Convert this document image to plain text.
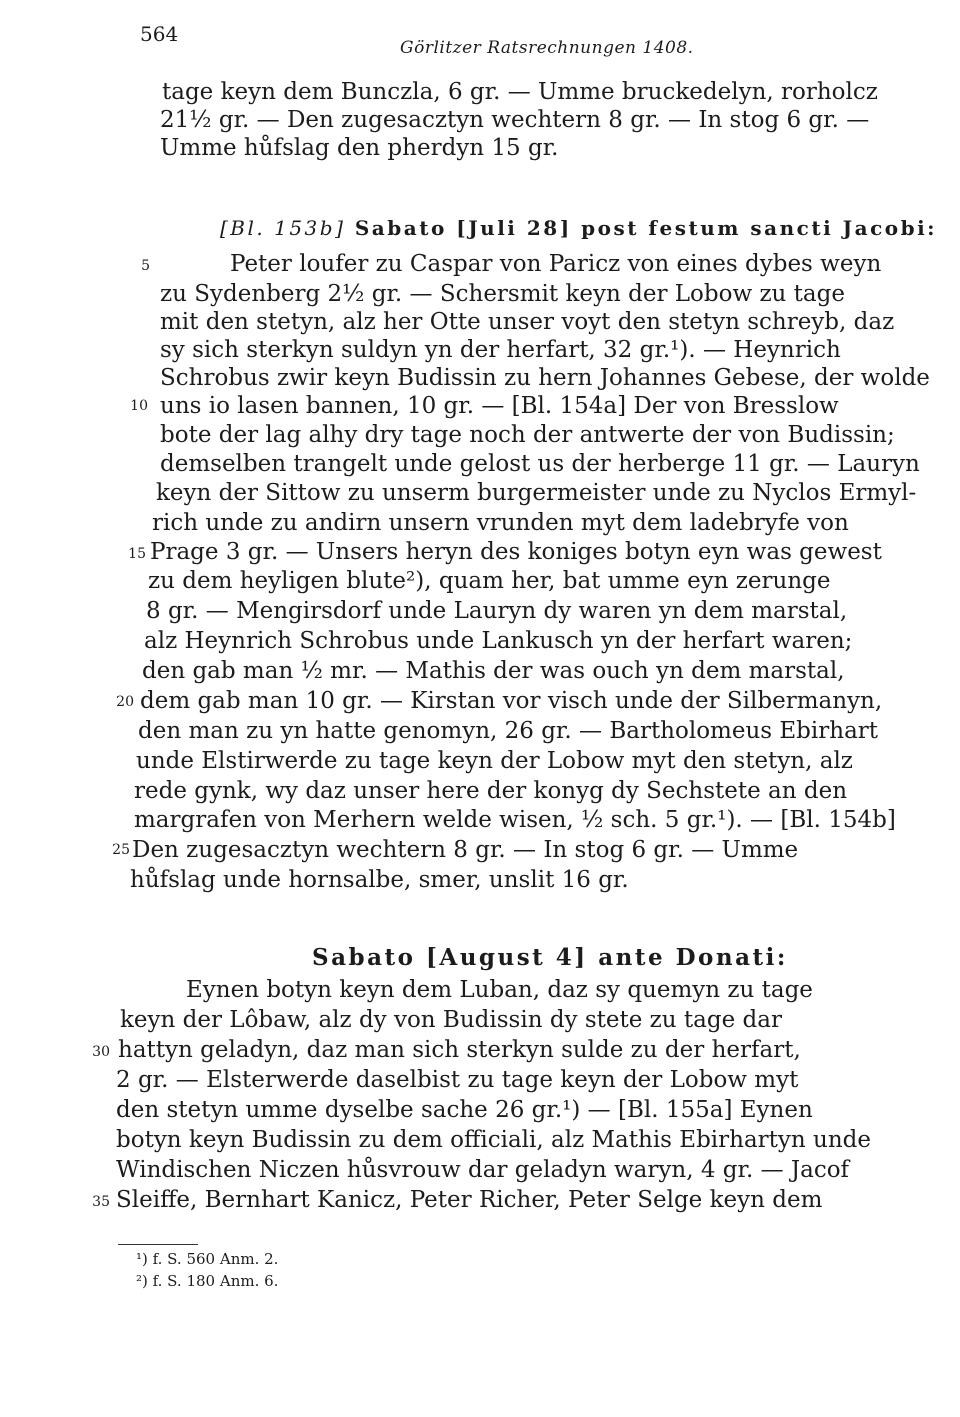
564
Görlitzer Ratsrechnungen 1408.
tage keyn dem Bunczla, 6 gr. — Umme bruckedelyn, rorholcz
21½ gr. — Den zugesacztyn wechtern 8 gr. — In stog 6 gr. —
Umme hůfslag den pherdyn 15 gr.
[Bl. 153b] Sabato [Juli 28] post festum sancti Jacobi:
5	Peter loufer zu Caspar von Paricz von eines dybes weyn
zu Sydenberg 2½ gr. — Schersmit keyn der Lobow zu tage
mit den stetyn, alz her Otte unser voyt den stetyn schreyb, daz
sy sich sterkyn suldyn yn der herfart, 32 gr.¹). — Heynrich
Schrobus zwir keyn Budissin zu hern Johannes Gebese, der wolde
10 uns io lasen bannen, 10 gr. — [Bl. 154a] Der von Bresslow
bote der lag alhy dry tage noch der antwerte der von Budissin;
demselben trangelt unde gelost us der herberge 11 gr. — Lauryn
keyn der Sittow zu unserm burgermeister unde zu Nyclos Ermyl-
rich unde zu andirn unsern vrunden myt dem ladebryfe von
15 Prage 3 gr. — Unsers heryn des koniges botyn eyn was gewest
zu dem heyligen blute²), quam her, bat umme eyn zerunge
8 gr. — Mengirsdorf unde Lauryn dy waren yn dem marstal,
alz Heynrich Schrobus unde Lankusch yn der herfart waren;
den gab man ½ mr. — Mathis der was ouch yn dem marstal,
20 dem gab man 10 gr. — Kirstan vor visch unde der Silbermanyn,
den man zu yn hatte genomyn, 26 gr. — Bartholomeus Ebirhart
unde Elstirwerde zu tage keyn der Lobow myt den stetyn, alz
rede gynk, wy daz unser here der konyg dy Sechstete an den
margrafen von Merhern welde wisen, ½ sch. 5 gr.¹). — [Bl. 154b]
25 Den zugesacztyn wechtern 8 gr. — In stog 6 gr. — Umme
hůfslag unde hornsalbe, smer, unslit 16 gr.
Sabato [August 4] ante Donati:
Eynen botyn keyn dem Luban, daz sy quemyn zu tage
keyn der Lôbaw, alz dy von Budissin dy stete zu tage dar
30 hattyn geladyn, daz man sich sterkyn sulde zu der herfart,
2 gr. — Elsterwerde daselbist zu tage keyn der Lobow myt
den stetyn umme dyselbe sache 26 gr.¹) — [Bl. 155a] Eynen
botyn keyn Budissin zu dem officiali, alz Mathis Ebirhartyn unde
Windischen Niczen hůsvrouw dar geladyn waryn, 4 gr. — Jacof
35 Sleiffe, Bernhart Kanicz, Peter Richer, Peter Selge keyn dem
¹) f. S. 560 Anm. 2.
²) f. S. 180 Anm. 6.
